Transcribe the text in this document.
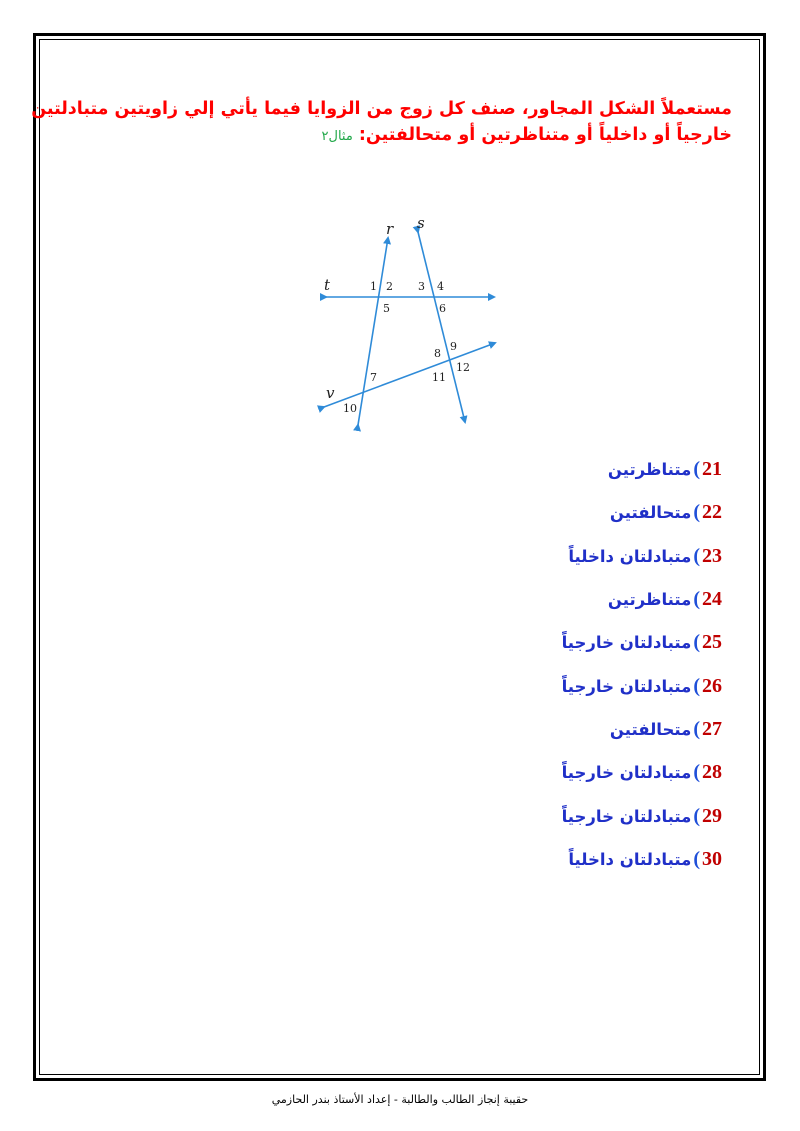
مستعملاً الشكل المجاور، صنف كل زوج من الزوايا فيما يأتي إلي زاويتين متبادلتين
خارجياً أو داخلياً أو متناظرتين أو متحالفتين: مثال٢
r s
t
v
1 2 3 4
5	6
7
8
9
10
11
12
21
)
متناظرتين
22
)
متحالفتين
23
)
متبادلتان داخلياً
24
)
متناظرتين
25
)
متبادلتان خارجياً
26
)
متبادلتان خارجياً
27
)
متحالفتين
28
)
متبادلتان خارجياً
29
)
متبادلتان خارجياً
30
)
متبادلتان داخلياً
حقيبة إنجاز الطالب والطالبة - إعداد الأستاذ بندر الحازمي
